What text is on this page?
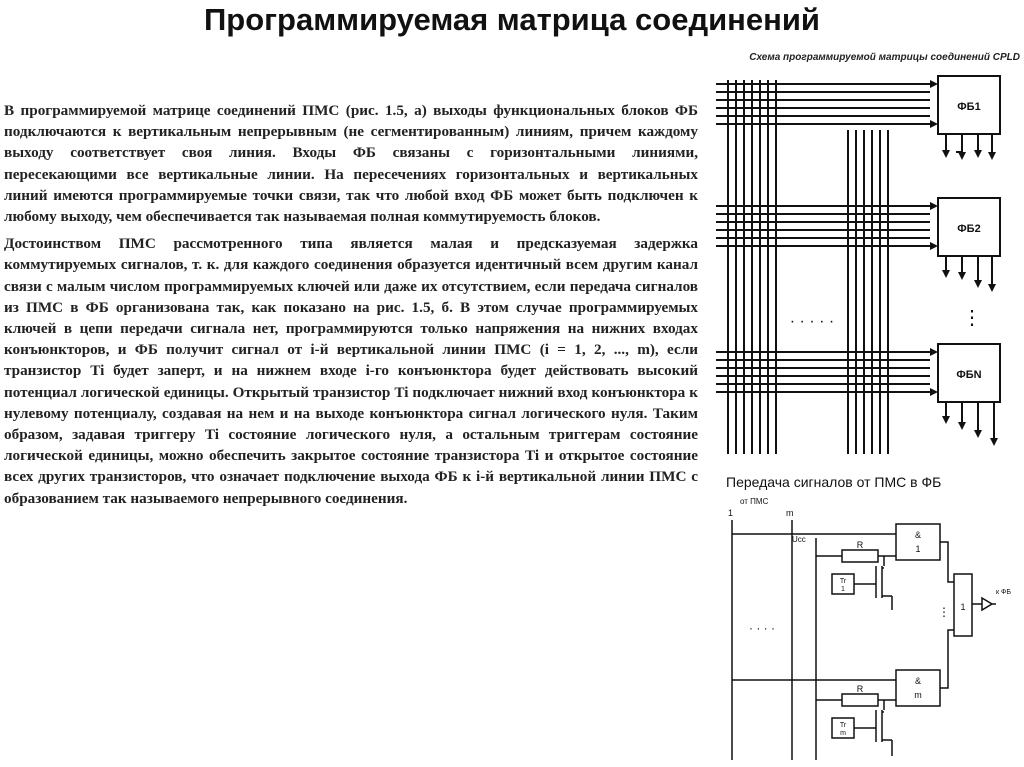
Программируемая матрица соединений

В программируемой матрице соединений ПМС (рис. 1.5, а) выходы функциональных блоков ФБ подключаются к вертикальным непрерывным (не сегментированным) линиям, причем каждому выходу соответствует своя линия. Входы ФБ связаны с горизонтальными линиями, пересекающими все вертикальные линии. На пересечениях горизонтальных и вертикальных линий имеются программируемые точки связи, так что любой вход ФБ может быть подключен к любому выходу, чем обеспечивается так называемая полная коммутируемость блоков.

Достоинством ПМС рассмотренного типа является малая и предсказуемая задержка коммутируемых сигналов, т. к. для каждого соединения образуется идентичный всем другим канал связи с малым числом программируемых ключей или даже их отсутствием, если передача сигналов из ПМС в ФБ организована так, как показано на рис. 1.5, б. В этом случае программируемых ключей в цепи передачи сигнала нет, программируются только напряжения на нижних входах конъюнкторов, и ФБ получит сигнал от i-й вертикальной линии ПМС (i = 1, 2, ..., m), если транзистор Ti будет заперт, и на нижнем входе i-го конъюнктора будет действовать высокий потенциал логической единицы. Открытый транзистор Ti подключает нижний вход конъюнктора к нулевому потенциалу, создавая на нем и на выходе конъюнктора сигнал логического нуля. Таким образом, задавая триггеру Ti состояние логического нуля, а остальным триггерам состояние логической единицы, можно обеспечить закрытое состояние транзистора Ti и открытое состояние всех других транзисторов, что означает подключение выхода ФБ к i-й вертикальной линии ПМС с образованием так называемого непрерывного соединения.

Схема программируемой матрицы соединений CPLD
ФБ1
ФБ2
ФБN
· · · · ·	⋮
Передача сигналов от ПМС в ФБ
от ПМС
1	m
Ucc
R
&
1
Tr
1
1
⋮
к ФБ
· · · ·
R
&
m
Tr
m
